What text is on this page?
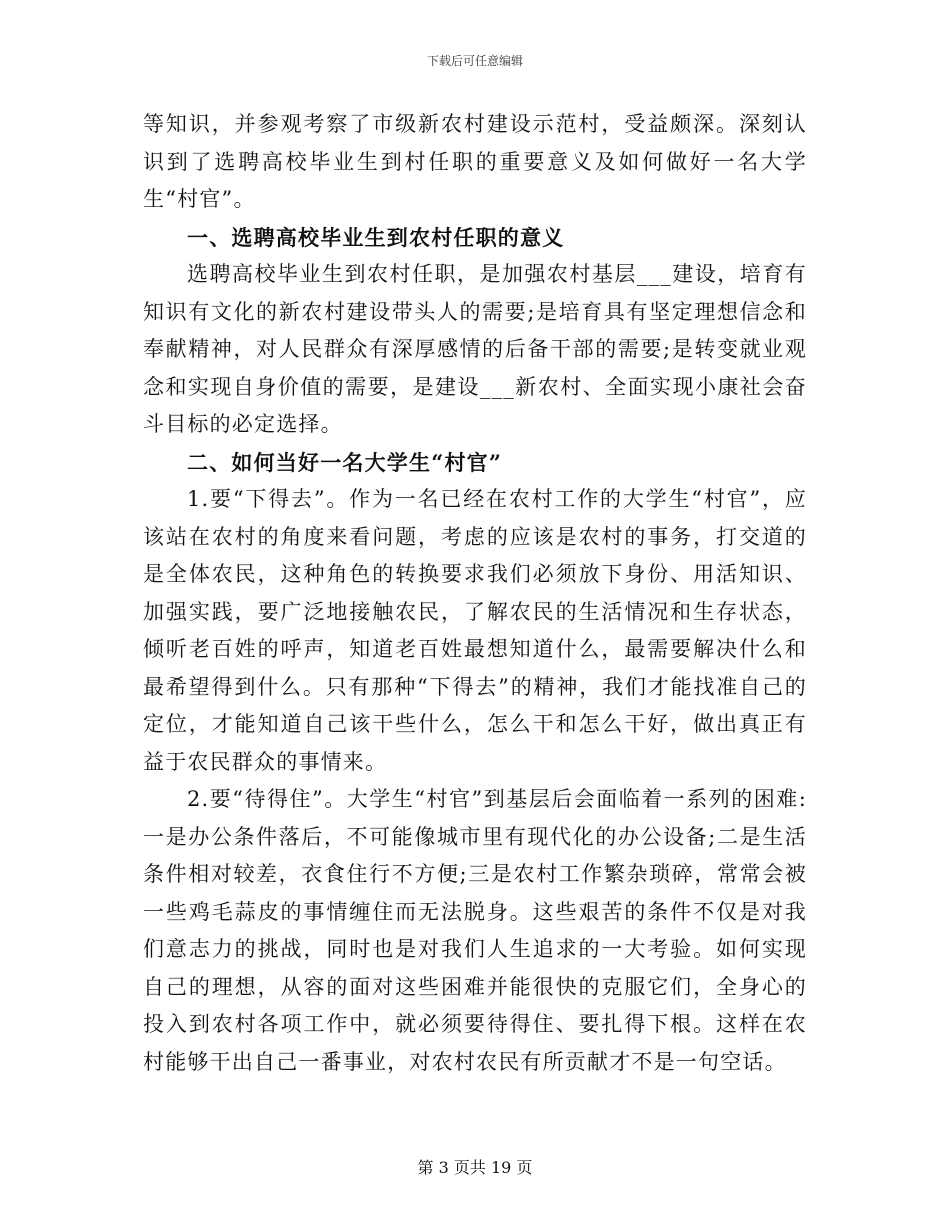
下载后可任意编辑

等知识，并参观考察了市级新农村建设示范村，受益颇深。深刻认识到了选聘高校毕业生到村任职的重要意义及如何做好一名大学生“村官”。

一、选聘高校毕业生到农村任职的意义

选聘高校毕业生到农村任职，是加强农村基层___建设，培育有知识有文化的新农村建设带头人的需要;是培育具有坚定理想信念和奉献精神，对人民群众有深厚感情的后备干部的需要;是转变就业观念和实现自身价值的需要，是建设___新农村、全面实现小康社会奋斗目标的必定选择。

二、如何当好一名大学生“村官”

1.要“下得去”。作为一名已经在农村工作的大学生“村官”，应该站在农村的角度来看问题，考虑的应该是农村的事务，打交道的是全体农民，这种角色的转换要求我们必须放下身份、用活知识、加强实践，要广泛地接触农民，了解农民的生活情况和生存状态，倾听老百姓的呼声，知道老百姓最想知道什么，最需要解决什么和最希望得到什么。只有那种“下得去”的精神，我们才能找准自己的定位，才能知道自己该干些什么，怎么干和怎么干好，做出真正有益于农民群众的事情来。

2.要“待得住”。大学生“村官”到基层后会面临着一系列的困难:一是办公条件落后，不可能像城市里有现代化的办公设备;二是生活条件相对较差，衣食住行不方便;三是农村工作繁杂琐碎，常常会被一些鸡毛蒜皮的事情缠住而无法脱身。这些艰苦的条件不仅是对我们意志力的挑战，同时也是对我们人生追求的一大考验。如何实现自己的理想，从容的面对这些困难并能很快的克服它们，全身心的投入到农村各项工作中，就必须要待得住、要扎得下根。这样在农村能够干出自己一番事业，对农村农民有所贡献才不是一句空话。

第 3 页共 19 页
